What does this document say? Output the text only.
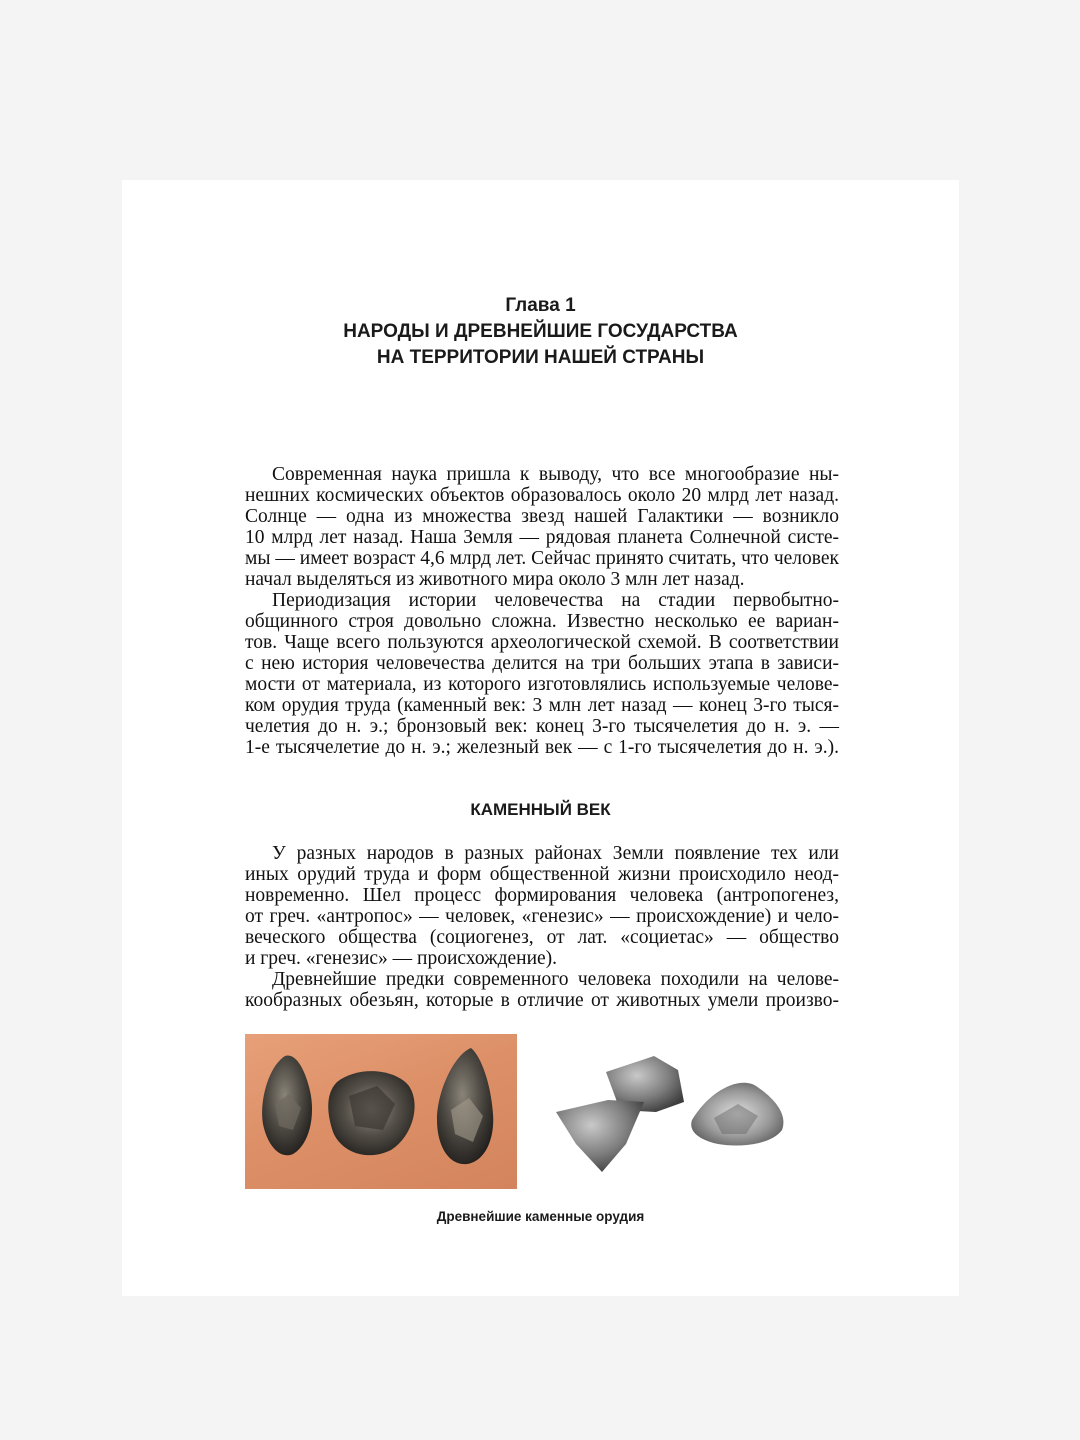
Глава 1
НАРОДЫ И ДРЕВНЕЙШИЕ ГОСУДАРСТВА
НА ТЕРРИТОРИИ НАШЕЙ СТРАНЫ
Современная наука пришла к выводу, что все многообразие ны-
нешних космических объектов образовалось около 20 млрд лет назад.
Солнце — одна из множества звезд нашей Галактики — возникло
10 млрд лет назад. Наша Земля — рядовая планета Солнечной систе-
мы — имеет возраст 4,6 млрд лет. Сейчас принято считать, что человек
начал выделяться из животного мира около 3 млн лет назад.
Периодизация истории человечества на стадии первобытно-
общинного строя довольно сложна. Известно несколько ее вариан-
тов. Чаще всего пользуются археологической схемой. В соответствии
с нею история человечества делится на три больших этапа в зависи-
мости от материала, из которого изготовлялись используемые челове-
ком орудия труда (каменный век: 3 млн лет назад — конец 3-го тыся-
челетия до н. э.; бронзовый век: конец 3-го тысячелетия до н. э. —
1-е тысячелетие до н. э.; железный век — с 1-го тысячелетия до н. э.).
КАМЕННЫЙ ВЕК
У разных народов в разных районах Земли появление тех или
иных орудий труда и форм общественной жизни происходило неод-
новременно. Шел процесс формирования человека (антропогенез,
от греч. «антропос» — человек, «генезис» — происхождение) и чело-
веческого общества (социогенез, от лат. «социетас» — общество
и греч. «генезис» — происхождение).
Древнейшие предки современного человека походили на челове-
кообразных обезьян, которые в отличие от животных умели произво-
Древнейшие каменные орудия
